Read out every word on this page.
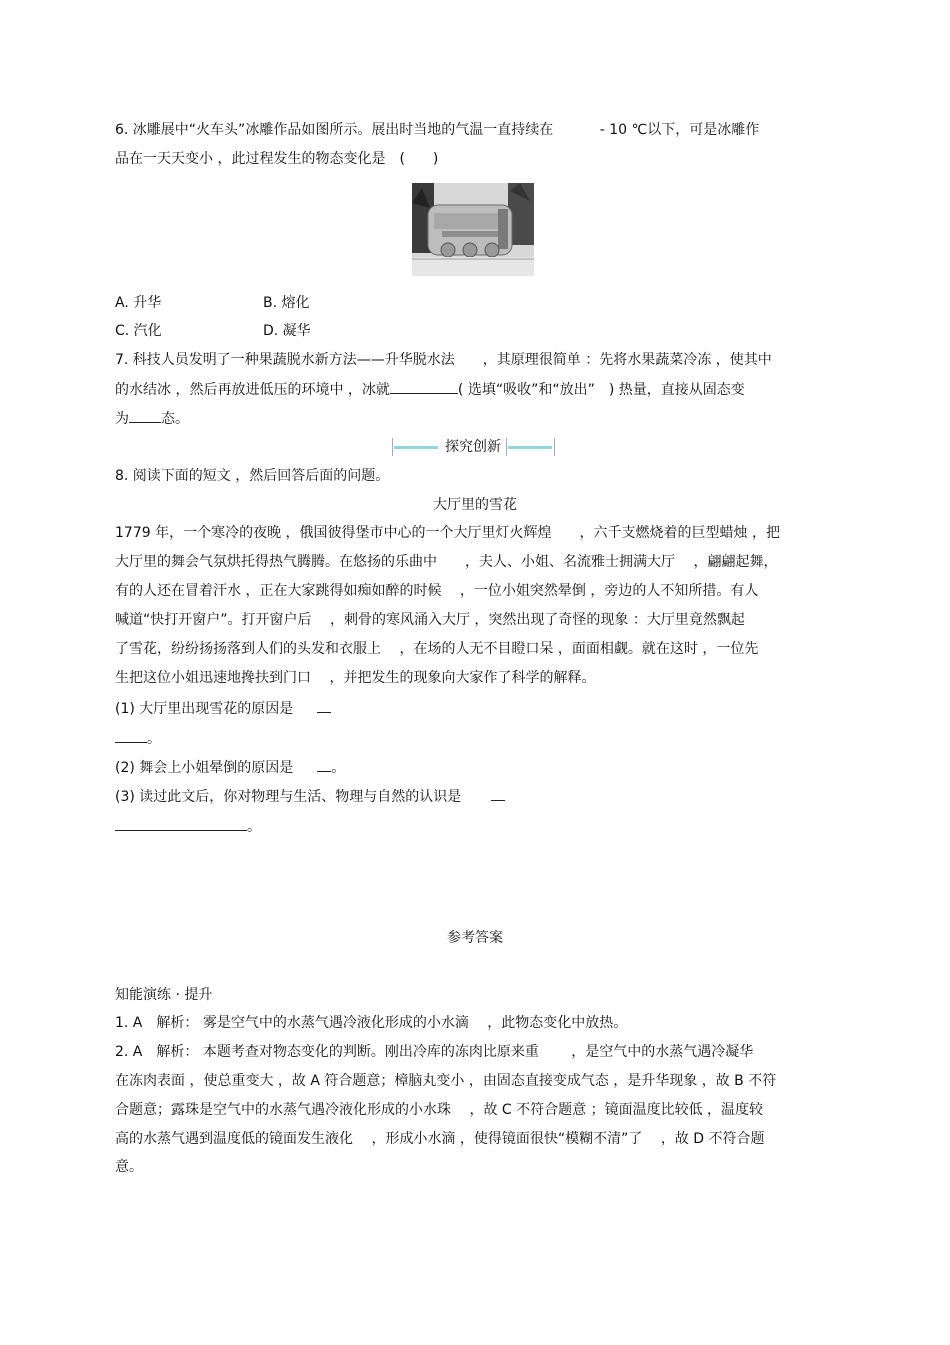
6. 冰雕展中“火车头”冰雕作品如图所示。展出时当地的气温一直持续在　　　 - 10 ℃以下，可是冰雕作
品在一天天变小 ，此过程发生的物态变化是　(　　)
A. 升华	B. 熔化
C. 汽化	D. 凝华
7. 科技人员发明了一种果蔬脱水新方法——升华脱水法　　，其原理很简单 ：先将水果蔬菜冷冻 ，使其中
的水结冰 ，然后再放进低压的环境中 ，冰就	( 选填“吸收”和“放出”　) 热量，直接从固态变
为 态。
探究创新
8. 阅读下面的短文 ，然后回答后面的问题。
大厅里的雪花
1779 年，一个寒冷的夜晚 ，俄国彼得堡市中心的一个大厅里灯火辉煌　　，六千支燃烧着的巨型蜡烛 ，把
大厅里的舞会气氛烘托得热气腾腾。在悠扬的乐曲中　　，夫人、小姐、名流雅士拥满大厅 　，翩翩起舞，
有的人还在冒着汗水 ，正在大家跳得如痴如醉的时候 　，一位小姐突然晕倒 ，旁边的人不知所措。有人
喊道“快打开窗户”。打开窗户后 　，刺骨的寒风涌入大厅 ，突然出现了奇怪的现象 ：大厅里竟然飘起
了雪花，纷纷扬扬落到人们的头发和衣服上 　，在场的人无不目瞪口呆 ，面面相觑。就在这时 ，一位先
生把这位小姐迅速地搀扶到门口 　，并把发生的现象向大家作了科学的解释。
(1) 大厅里出现雪花的原因是
。
(2) 舞会上小姐晕倒的原因是	。
(3) 读过此文后，你对物理与生活、物理与自然的认识是
。
参考答案
知能演练 · 提升
1. A　解析： 雾是空气中的水蒸气遇冷液化形成的小水滴 　，此物态变化中放热。
2. A　解析： 本题考查对物态变化的判断。刚出冷库的冻肉比原来重 　　，是空气中的水蒸气遇冷凝华
在冻肉表面 ，使总重变大 ，故 A 符合题意；樟脑丸变小 ，由固态直接变成气态 ，是升华现象 ，故 B 不符
合题意；露珠是空气中的水蒸气遇冷液化形成的小水珠 　，故 C 不符合题意 ；镜面温度比较低 ，温度较
高的水蒸气遇到温度低的镜面发生液化 　，形成小水滴 ，使得镜面很快“模糊不清”了 　，故 D 不符合题
意。
